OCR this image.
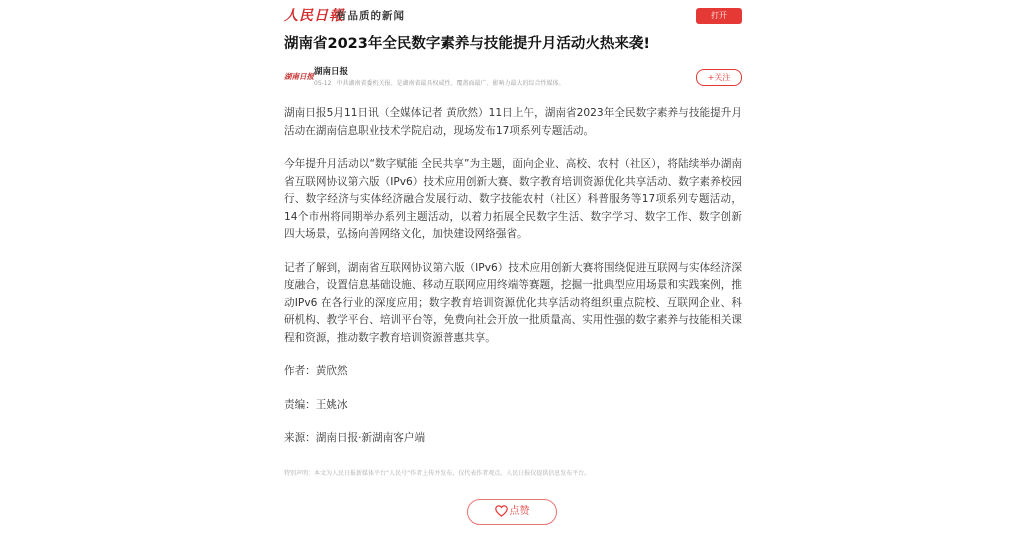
人民日報
有品质的新闻	打开
湖南省2023年全民数字素养与技能提升月活动火热来袭!
湖南日报 湖南日报
05-12 中共湖南省委机关报、是湖南省最具权威性、覆盖面最广、影响力最大的综合性媒体。
+关注

湖南日报5月11日讯（全媒体记者 黄欣然）11日上午，湖南省2023年全民数字素养与技能提升月活动在湖南信息职业技术学院启动，现场发布17项系列专题活动。

今年提升月活动以“数字赋能 全民共享”为主题，面向企业、高校、农村（社区），将陆续举办湖南省互联网协议第六版（IPv6）技术应用创新大赛、数字教育培训资源优化共享活动、数字素养校园行、数字经济与实体经济融合发展行动、数字技能农村（社区）科普服务等17项系列专题活动，14个市州将同期举办系列主题活动，以着力拓展全民数字生活、数字学习、数字工作、数字创新四大场景，弘扬向善网络文化，加快建设网络强省。

记者了解到，湖南省互联网协议第六版（IPv6）技术应用创新大赛将围绕促进互联网与实体经济深度融合，设置信息基础设施、移动互联网应用终端等赛题，挖掘一批典型应用场景和实践案例，推动IPv6 在各行业的深度应用；数字教育培训资源优化共享活动将组织重点院校、互联网企业、科研机构、教学平台、培训平台等，免费向社会开放一批质量高、实用性强的数字素养与技能相关课程和资源，推动数字教育培训资源普惠共享。

作者：黄欣然

责编：王姚冰

来源：湖南日报·新湖南客户端

特别声明：本文为人民日报新媒体平台“人民号”作者上传并发布，仅代表作者观点。人民日报仅提供信息发布平台。
点赞
